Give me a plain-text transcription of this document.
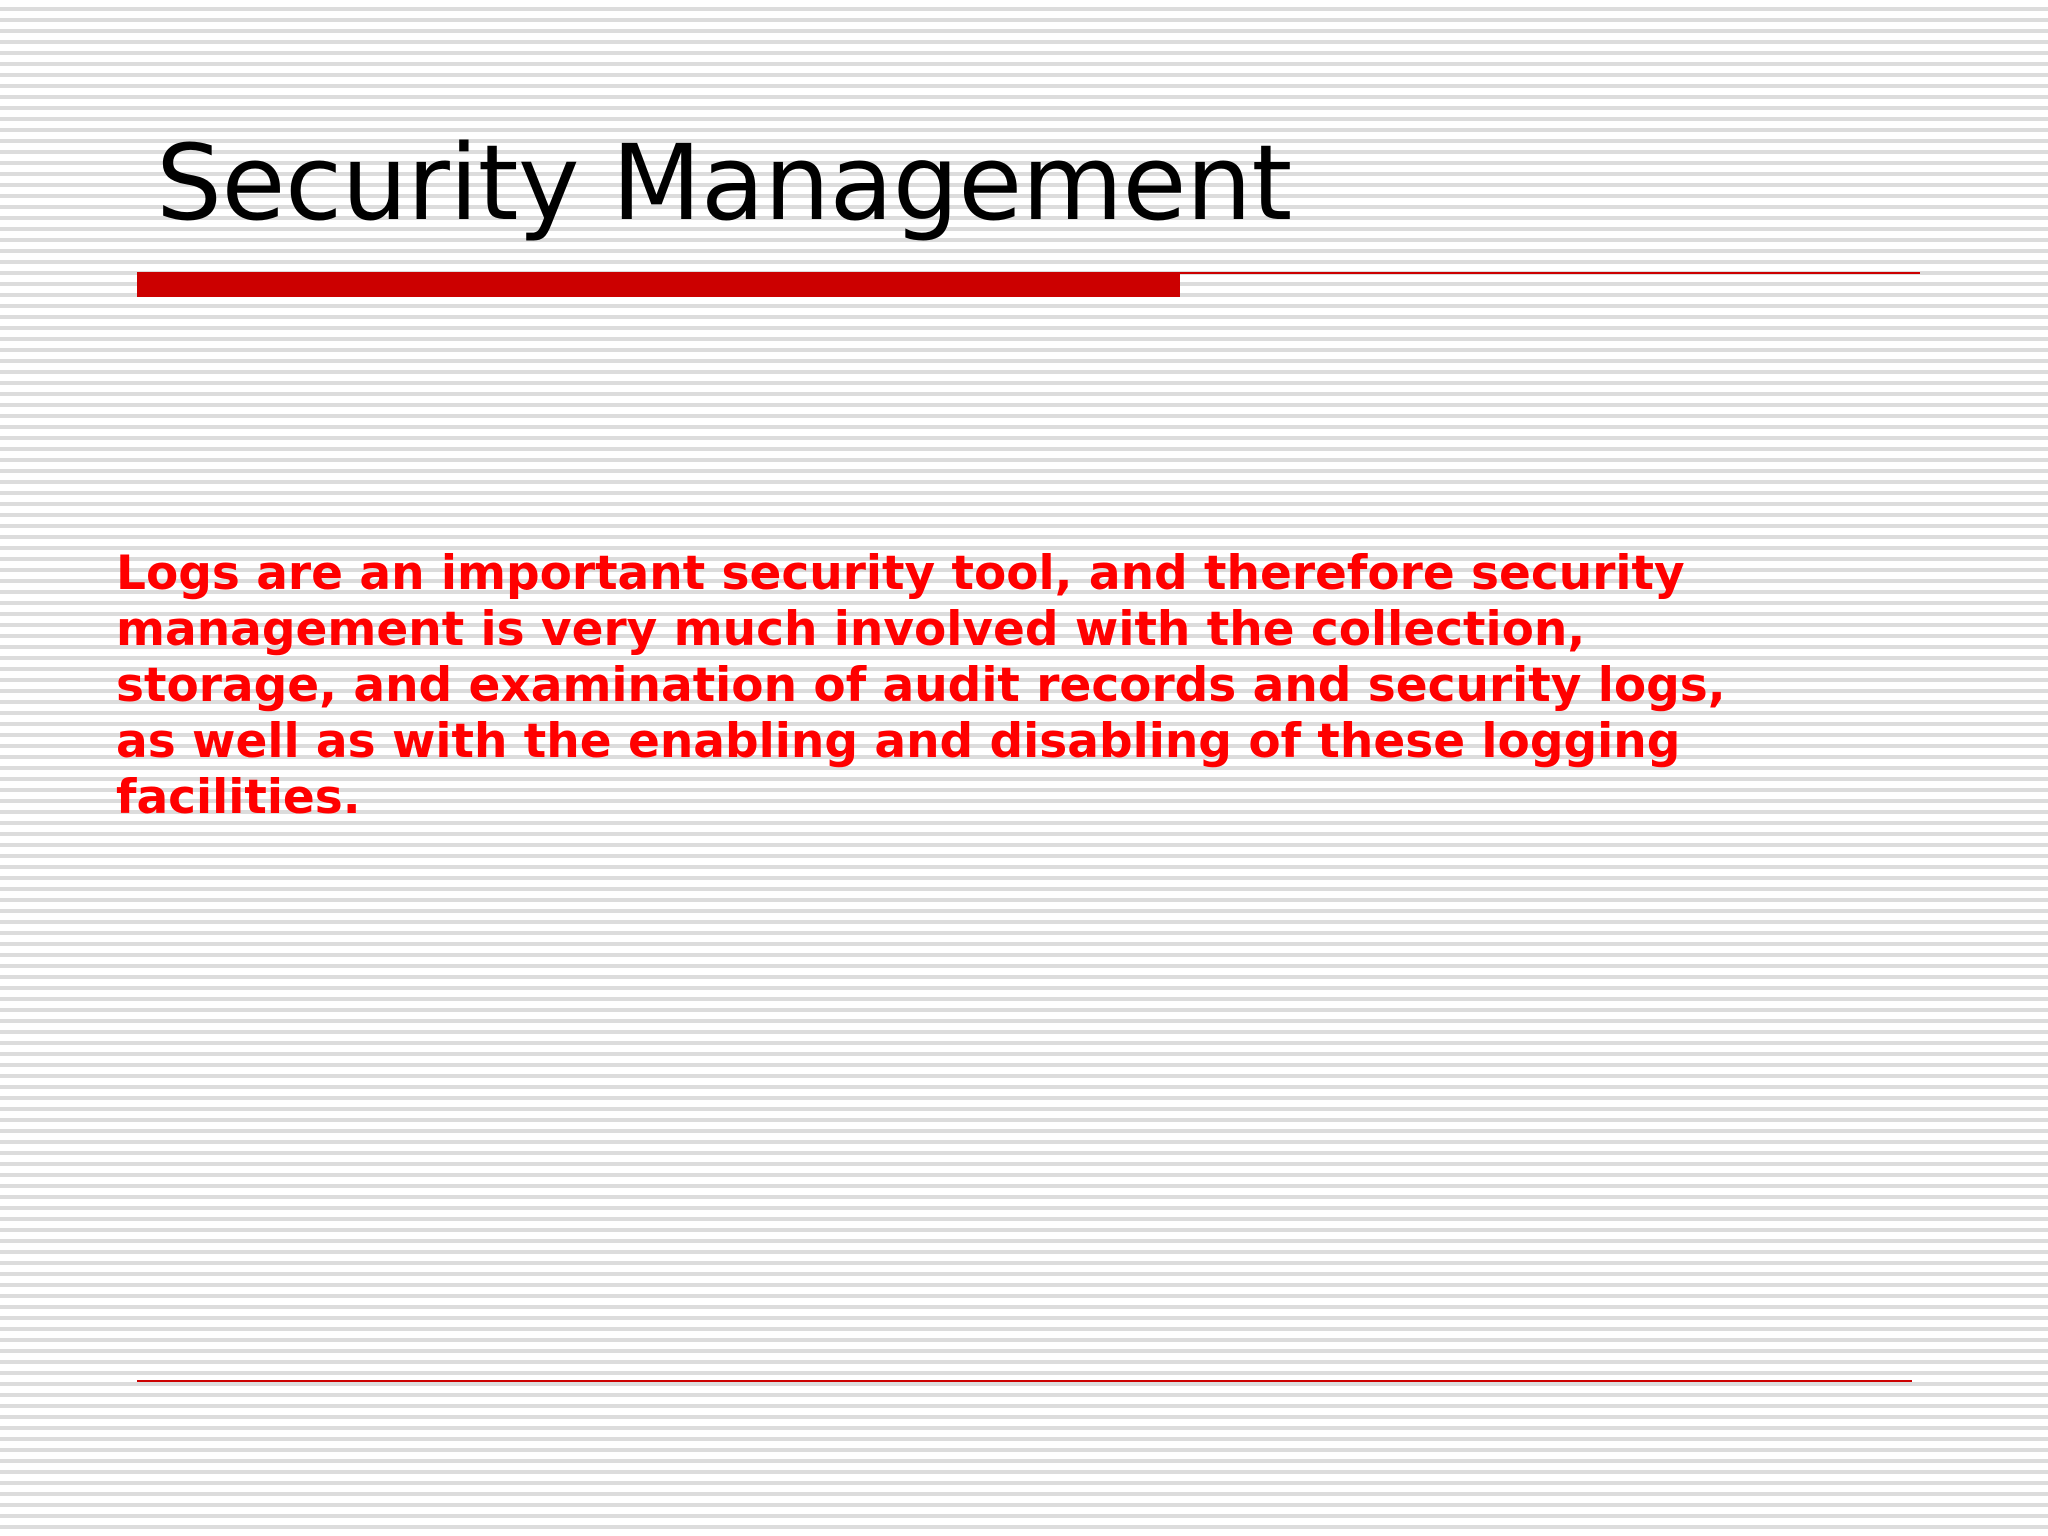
Security Management

Logs are an important security tool, and therefore security
management is very much involved with the collection,
storage, and examination of audit records and security logs,
as well as with the enabling and disabling of these logging
facilities.
